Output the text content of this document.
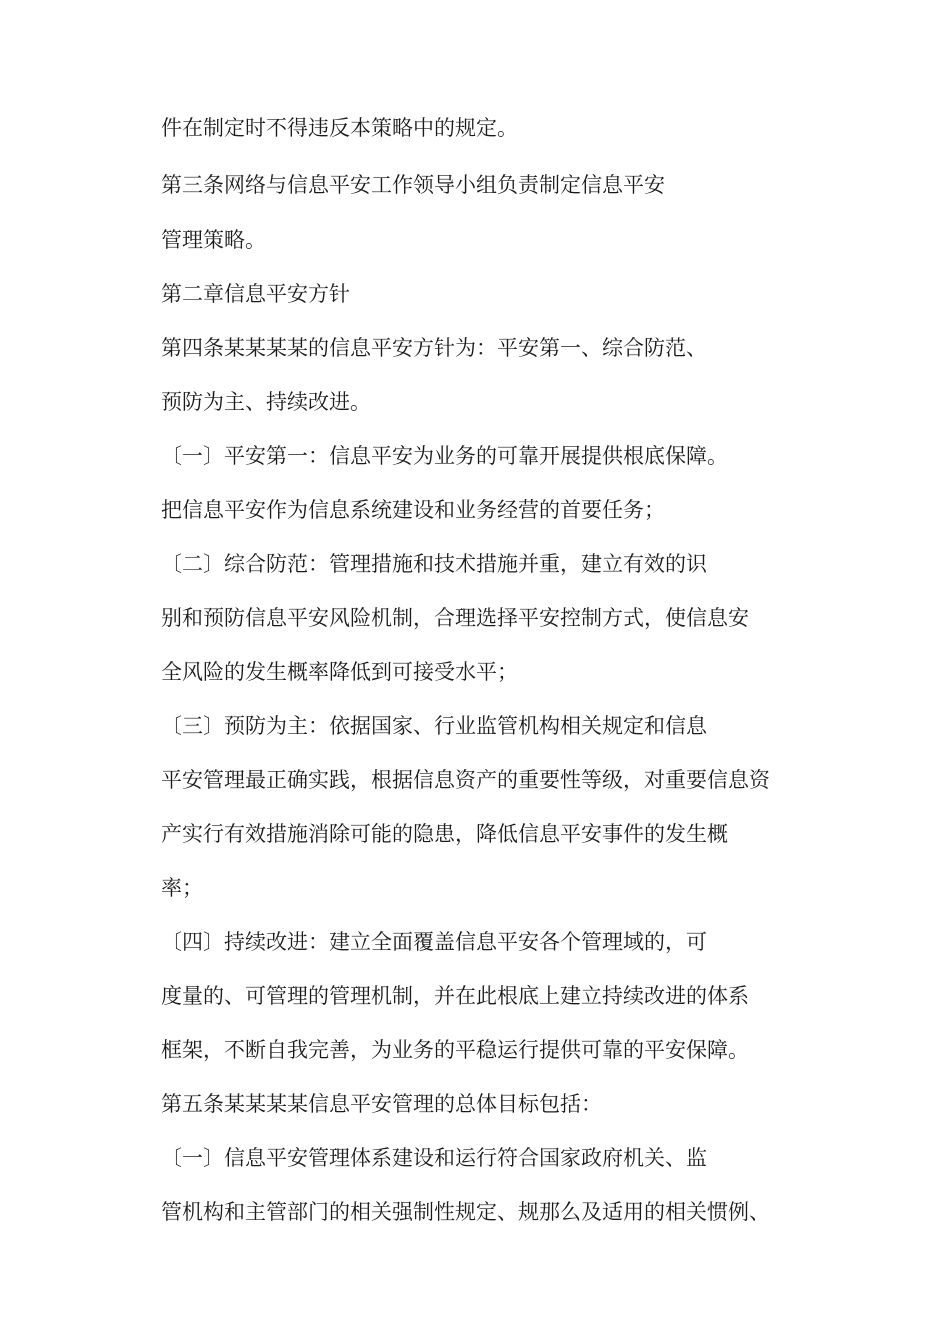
件在制定时不得违反本策略中的规定。

第三条网络与信息平安工作领导小组负责制定信息平安

管理策略。

第二章信息平安方针

第四条某某某某的信息平安方针为：平安第一、综合防范、

预防为主、持续改进。

〔一〕平安第一：信息平安为业务的可靠开展提供根底保障。

把信息平安作为信息系统建设和业务经营的首要任务；

〔二〕综合防范：管理措施和技术措施并重，建立有效的识

别和预防信息平安风险机制，合理选择平安控制方式，使信息安

全风险的发生概率降低到可接受水平；

〔三〕预防为主：依据国家、行业监管机构相关规定和信息

平安管理最正确实践，根据信息资产的重要性等级，对重要信息资

产实行有效措施消除可能的隐患，降低信息平安事件的发生概

率；

〔四〕持续改进：建立全面覆盖信息平安各个管理域的，可

度量的、可管理的管理机制，并在此根底上建立持续改进的体系

框架，不断自我完善，为业务的平稳运行提供可靠的平安保障。

第五条某某某某信息平安管理的总体目标包括：

〔一〕信息平安管理体系建设和运行符合国家政府机关、监

管机构和主管部门的相关强制性规定、规那么及适用的相关惯例、
